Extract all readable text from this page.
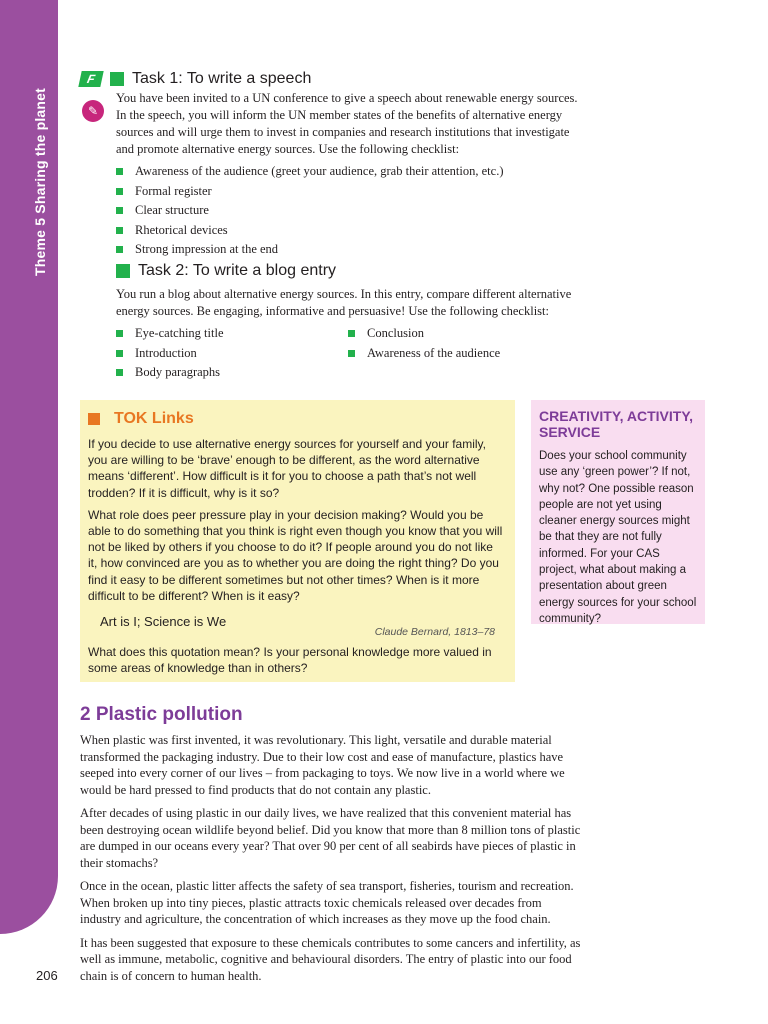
Theme 5 Sharing the planet
206
F	Task 1: To write a speech
✎

You have been invited to a UN conference to give a speech about renewable energy sources. In the speech, you will inform the UN member states of the benefits of alternative energy sources and will urge them to invest in companies and research institutions that investigate and promote alternative energy sources. Use the following checklist:

Awareness of the audience (greet your audience, grab their attention, etc.)
Formal register
Clear structure
Rhetorical devices
Strong impression at the end
Task 2: To write a blog entry

You run a blog about alternative energy sources. In this entry, compare different alternative energy sources. Be engaging, informative and persuasive! Use the following checklist:

Eye-catching title
Introduction
Body paragraphs
Conclusion
Awareness of the audience
TOK Links

If you decide to use alternative energy sources for yourself and your family, you are willing to be ‘brave’ enough to be different, as the word alternative means ‘different’. How difficult is it for you to choose a path that’s not well trodden? If it is difficult, why is it so?

What role does peer pressure play in your decision making? Would you be able to do something that you think is right even though you know that you will not be liked by others if you choose to do it? If people around you do not like it, how convinced are you as to whether you are doing the right thing? Do you find it easy to be different sometimes but not other times? When is it more difficult to be different? When is it easy?

Art is I; Science is We

Claude Bernard, 1813–78

What does this quotation mean? Is your personal knowledge more valued in some areas of knowledge than in others?

CREATIVITY, ACTIVITY, SERVICE

Does your school community use any ‘green power’? If not, why not? One possible reason people are not yet using cleaner energy sources might be that they are not fully informed. For your CAS project, what about making a presentation about green energy sources for your school community?

2 Plastic pollution

When plastic was first invented, it was revolutionary. This light, versatile and durable material transformed the packaging industry. Due to their low cost and ease of manufacture, plastics have seeped into every corner of our lives – from packaging to toys. We now live in a world where we would be hard pressed to find products that do not contain any plastic.

After decades of using plastic in our daily lives, we have realized that this convenient material has been destroying ocean wildlife beyond belief. Did you know that more than 8 million tons of plastic are dumped in our oceans every year? That over 90 per cent of all seabirds have pieces of plastic in their stomachs?

Once in the ocean, plastic litter affects the safety of sea transport, fisheries, tourism and recreation. When broken up into tiny pieces, plastic attracts toxic chemicals released over decades from industry and agriculture, the concentration of which increases as they move up the food chain.

It has been suggested that exposure to these chemicals contributes to some cancers and infertility, as well as immune, metabolic, cognitive and behavioural disorders. The entry of plastic into our food chain is of concern to human health.
